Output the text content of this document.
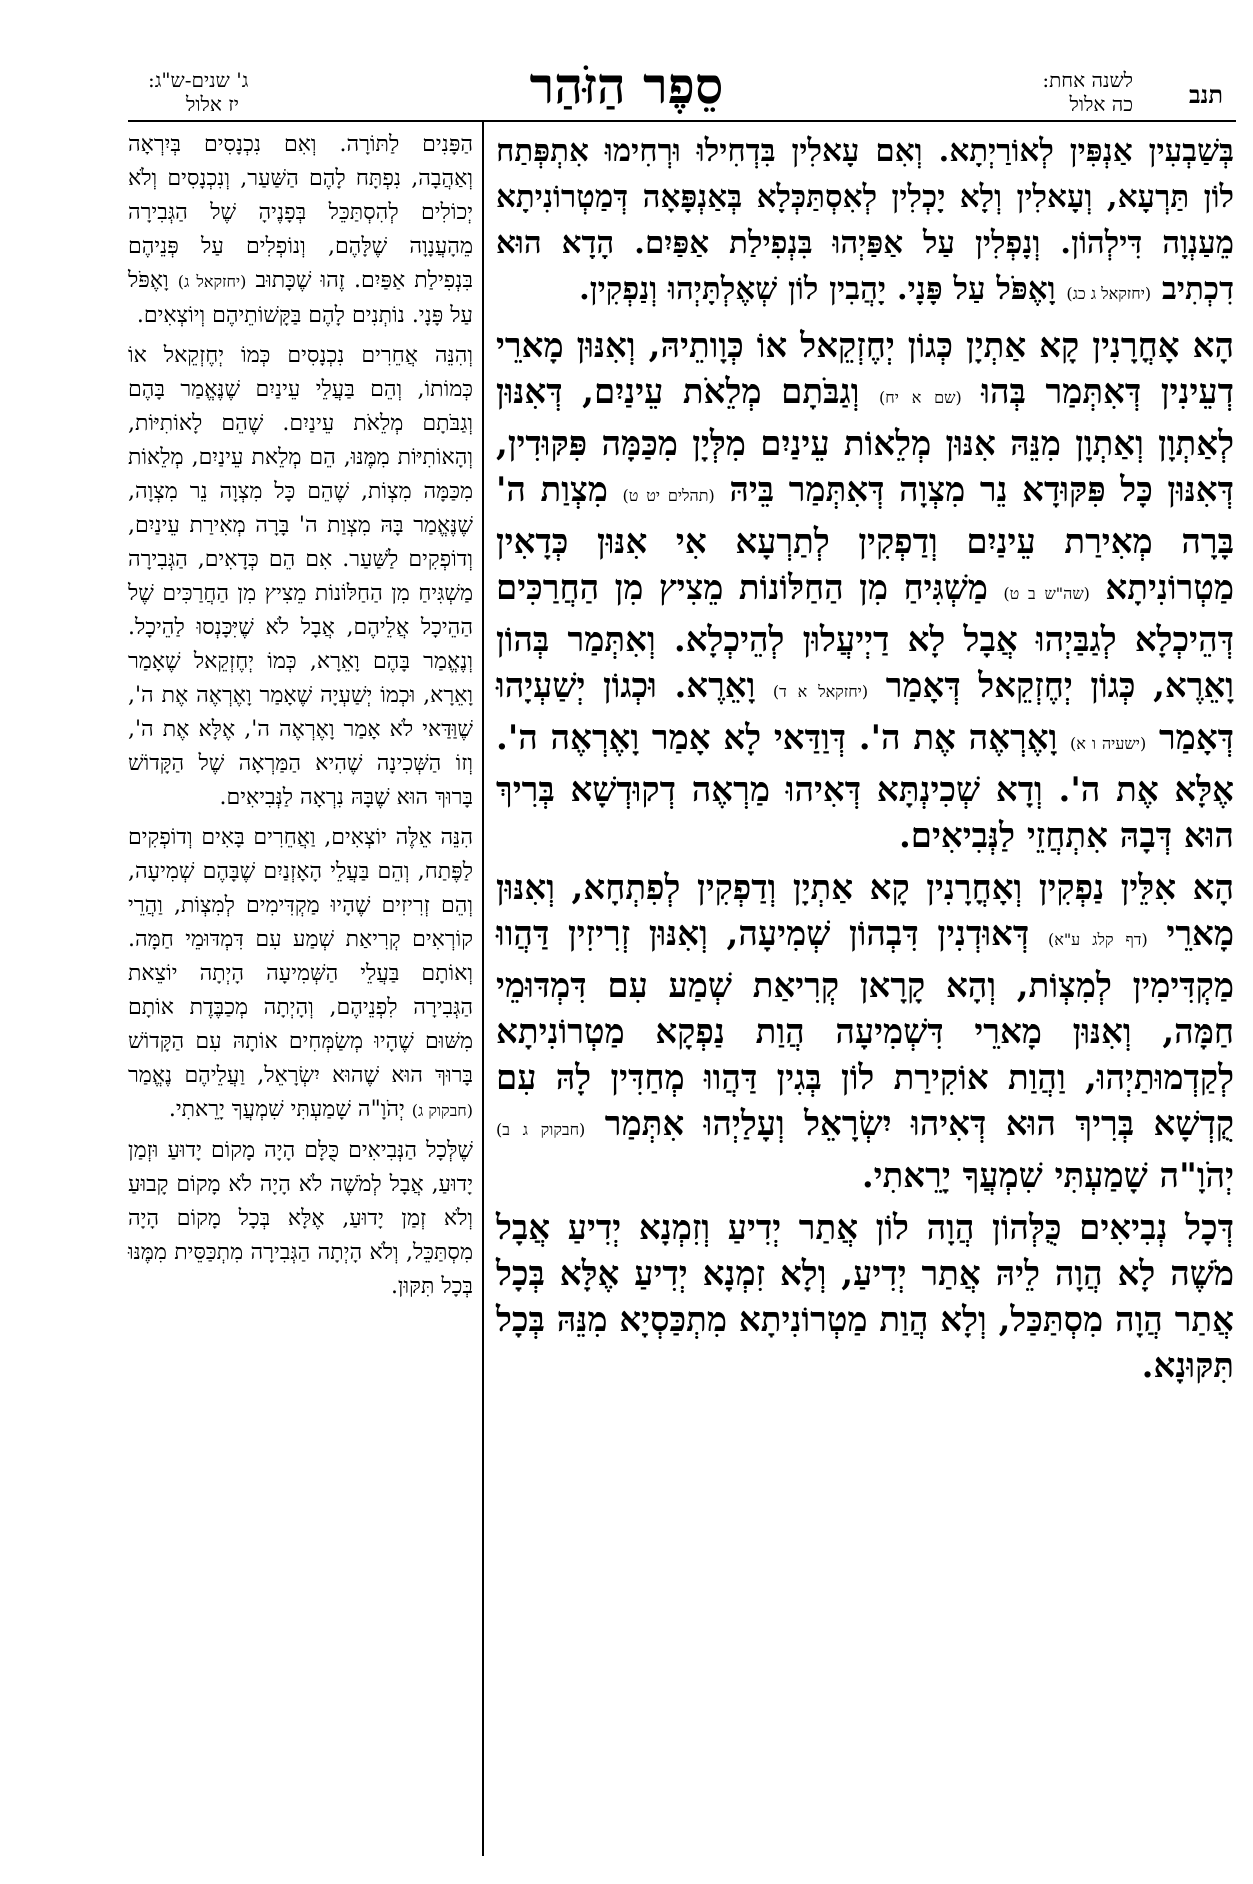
תנב
לשנה אחת:
כה אלול
סֵפֶר הַזֹּהַר
ג' שנים-ש"ג:
יז אלול

בְּשַׁבְעִין אַנְפִּין לְאוֹרַיְתָא. וְאִם עָאלִין בִּדְחִילוּ וּרְחִימוּ אִתְפְּתַח לוֹן תַּרְעָא, וְעָאלִין וְלָא יָכְלִין לְאִסְתַּכְּלָא בְּאַנְפָּאָה דְּמַטְרוֹנִיתָא מֵעַנְוָה דִּילְהוֹן. וְנָפְלִין עַל אַפַּיְהוּ בִּנְפִילַת אַפַּיִם. הָדָא הוּא דִכְתִיב (יחזקאל ג כג) וָאֶפֹּל עַל פָּנָי. יָהֲבִין לוֹן שְׁאֶלְתָּיְהוּ וְנַפְקִין.

הָא אָחֳרָנִין קָא אַתְיָן כְּגוֹן יְחֶזְקֵאל אוֹ כְּוָותֵיהּ, וְאִנּוּן מָארֵי דְעֵינִין דְּאִתְּמַר בְּהוּ (שם א יח) וְגַבֹּתָם מְלֵאֹת עֵינַיִם, דְּאִנּוּן לְאַתְוָן וְאַתְוָן מִנֵּהּ אִנּוּן מְלֵאוֹת עֵינַיִם מִלְּיָן מִכַּמָּה פִּקּוּדִין, דְּאִנּוּן כָּל פִּקּוּדָא נֵר מִצְוָה דְּאִתְּמַר בֵּיהּ (תהלים יט ט) מִצְוַת ה' בָּרָה מְאִירַת עֵינַיִם וְדַפְקִין לְתַרְעָא אִי אִנּוּן כְּדָאִין מַטְרוֹנִיתָא (שה"ש ב ט) מַשְׁגִּיחַ מִן הַחַלּוֹנוֹת מֵצִיץ מִן הַחֲרַכִּים דְּהֵיכְלָא לְגַבַּיְהוּ אֲבָל לָא דַיְיעֲלוּן לְהֵיכְלָא. וְאִתְּמַר בְּהוֹן וָאֵרֶא, כְּגוֹן יְחֶזְקֵאל דְּאָמַר (יחזקאל א ד) וָאֵרֶא. וּכְגוֹן יְשַׁעְיָהוּ דְּאָמַר (ישעיה ו א) וָאֶרְאֶה אֶת ה'. דְּוַדַּאי לָא אָמַר וָאֶרְאֶה ה'. אֶלָּא אֶת ה'. וְדָא שְׁכִינְתָּא דְּאִיהוּ מַרְאֶה דְקוּדְשָׁא בְּרִיךְ הוּא דְּבָהּ אִתְחֲזֵי לַנְּבִיאִים.

הָא אִלֵּין נַפְקִין וְאָחֳרָנִין קָא אַתְיָן וְדַפְקִין לְפִתְחָא, וְאִנּוּן מָארֵי (דף קלג ע"א) דְּאוּדְנִין דִּבְהוֹן שְׁמִיעָה, וְאִנּוּן זְרִיזִין דַּהֲווּ מַקְדִּימִין לְמִצְוֹת, וְהָא קָרָאן קְרִיאַת שְׁמַע עִם דִּמְדּוּמֵי חַמָּה, וְאִנּוּן מָארֵי דִּשְׁמִיעָה הֲוַת נַפְקָא מַטְרוֹנִיתָא לְקַדְמוּתַיְהוּ, וַהֲוַת אוֹקִירַת לוֹן בְּגִין דַּהֲווּ מְחַדִּין לָהּ עִם קֻדְשָׁא בְּרִיךְ הוּא דְּאִיהוּ יִשְׂרָאֵל וְעָלַיְהוּ אִתְּמַר (חבקוק ג ב) יְהֹוָ"ה שָׁמַעְתִּי שִׁמְעֲךָ יָרֵאתִי.

דְּכָל נְבִיאִים כֻּלְּהוֹן הֲוָה לוֹן אֲתַר יְדִיעַ וְזִמְנָא יְדִיעַ אֲבָל מֹשֶׁה לָא הֲוָה לֵיהּ אֲתַר יְדִיעַ, וְלָא זִמְנָא יְדִיעַ אֶלָּא בְּכָל אֲתַר הֲוָה מִסְתַּכַּל, וְלָא הֲוַת מַטְרוֹנִיתָא מִתְכַּסְיָא מִנֵּהּ בְּכָל תִּקּוּנָא.

הַפָּנִים לַתּוֹרָה. וְאִם נִכְנָסִים בְּיִרְאָה וְאַהֲבָה, נִפְתָּח לָהֶם הַשַּׁעַר, וְנִכְנָסִים וְלֹא יְכוֹלִים לְהִסְתַּכֵּל בְּפָנֶיהָ שֶׁל הַגְּבִירָה מֵהָעֲנָוָה שֶׁלָּהֶם, וְנוֹפְלִים עַל פְּנֵיהֶם בִּנְפִילַת אַפַּיִם. זֶהוּ שֶׁכָּתוּב (יחזקאל ג) וָאֶפֹּל עַל פָּנָי. נוֹתְנִים לָהֶם בַּקָּשׁוֹתֵיהֶם וְיוֹצְאִים.

וְהִנֵּה אֲחֵרִים נִכְנָסִים כְּמוֹ יְחֶזְקֵאל אוֹ כְּמוֹתוֹ, וְהֵם בַּעֲלֵי עֵינַיִם שֶׁנֶּאֱמַר בָּהֶם וְגַבֹּתָם מְלֵאֹת עֵינַיִם. שֶׁהֵם לָאוֹתִיּוֹת, וְהָאוֹתִיּוֹת מִמֶּנּוּ, הֵם מְלֵאת עֵינַיִם, מְלֵאוֹת מִכַּמָּה מִצְוֹת, שֶׁהֵם כָּל מִצְוָה נֵר מִצְוָה, שֶׁנֶּאֱמַר בָּהּ מִצְוַת ה' בָּרָה מְאִירַת עֵינַיִם, וְדוֹפְקִים לַשַּׁעַר. אִם הֵם כְּדָאִים, הַגְּבִירָה מַשְׁגִּיחַ מִן הַחַלּוֹנוֹת מֵצִיץ מִן הַחֲרַכִּים שֶׁל הַהֵיכָל אֲלֵיהֶם, אֲבָל לֹא שֶׁיִּכָּנְסוּ לַהֵיכָל. וְנֶאֱמַר בָּהֶם וָאֵרָא, כְּמוֹ יְחֶזְקֵאל שֶׁאָמַר וָאֵרָא, וּכְמוֹ יְשַׁעְיָה שֶׁאָמַר וָאֶרְאֶה אֶת ה', שֶׁוַּדַּאי לֹא אָמַר וָאֶרְאֶה ה', אֶלָּא אֶת ה', וְזוֹ הַשְּׁכִינָה שֶׁהִיא הַמַּרְאָה שֶׁל הַקָּדוֹשׁ בָּרוּךְ הוּא שֶׁבָּהּ נִרְאָה לַנְּבִיאִים.

הִנֵּה אֵלֶּה יוֹצְאִים, וַאֲחֵרִים בָּאִים וְדוֹפְקִים לַפֶּתַח, וְהֵם בַּעֲלֵי הָאָזְנַיִם שֶׁבָּהֶם שְׁמִיעָה, וְהֵם זְרִיזִים שֶׁהָיוּ מַקְדִּימִים לְמִצְוֹת, וַהֲרֵי קוֹרְאִים קְרִיאַת שְׁמַע עִם דִּמְדּוּמֵי חַמָּה. וְאוֹתָם בַּעֲלֵי הַשְּׁמִיעָה הָיְתָה יוֹצֵאת הַגְּבִירָה לִפְנֵיהֶם, וְהָיְתָה מְכַבֶּדֶת אוֹתָם מִשּׁוּם שֶׁהָיוּ מְשַׂמְּחִים אוֹתָהּ עִם הַקָּדוֹשׁ בָּרוּךְ הוּא שֶׁהוּא יִשְׂרָאֵל, וַעֲלֵיהֶם נֶאֱמַר (חבקוק ג) יְהֹוָ"ה שָׁמַעְתִּי שִׁמְעֲךָ יָרֵאתִי.

שֶׁלְּכָל הַנְּבִיאִים כֻּלָּם הָיָה מָקוֹם יָדוּעַ וּזְמַן יָדוּעַ, אֲבָל לְמֹשֶׁה לֹא הָיָה לֹא מָקוֹם קָבוּעַ וְלֹא זְמַן יָדוּעַ, אֶלָּא בְּכָל מָקוֹם הָיָה מִסְתַּכֵּל, וְלֹא הָיְתָה הַגְּבִירָה מִתְכַּסֵּית מִמֶּנּוּ בְּכָל תִּקּוּן.
